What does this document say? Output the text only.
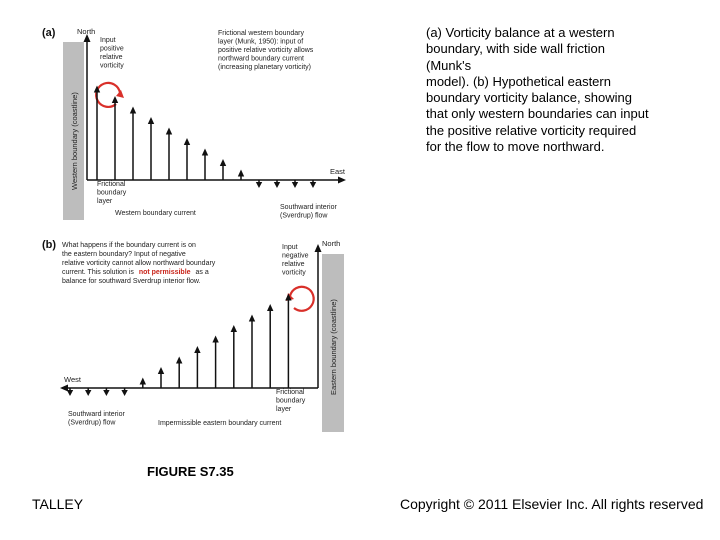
(a)
Western boundary (coastline)
North
East
Input positive relative vorticity
Frictional western boundary layer (Munk, 1950): input of positive relative vorticity allows northward boundary current (increasing planetary vorticity)
Frictional boundary layer
Western boundary current
Southward interior (Sverdrup) flow
(b)
Eastern boundary (coastline)
North
West
What happens if the boundary current is on the eastern boundary? Input of negative relative vorticity cannot allow northward boundary current. This solution is not permissible as a balance for southward Sverdrup interior flow.
Input negative relative vorticity
Frictional boundary layer
Southward interior (Sverdrup) flow	Impermissible eastern boundary current
(a) Vorticity balance at a western
boundary, with side wall friction
(Munk's
model). (b) Hypothetical eastern
boundary vorticity balance, showing
that only western boundaries can input
the positive relative vorticity required
for the flow to move northward.
FIGURE S7.35
TALLEY	Copyright © 2011 Elsevier Inc. All rights reserved
